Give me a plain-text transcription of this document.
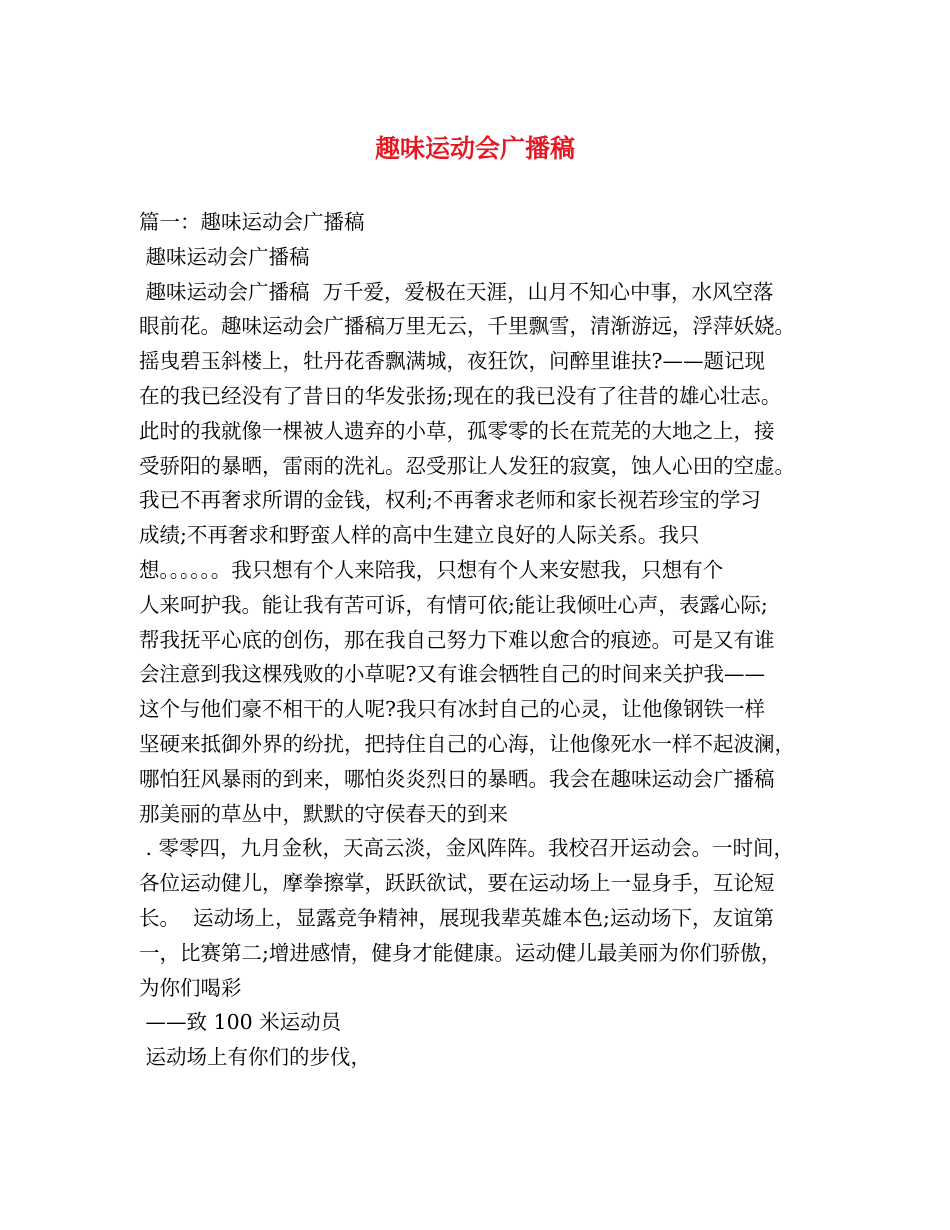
趣味运动会广播稿
篇一：趣味运动会广播稿
趣味运动会广播稿
趣味运动会广播稿  万千爱，爱极在天涯，山月不知心中事，水风空落
眼前花。趣味运动会广播稿万里无云，千里飘雪，清渐游远，浮萍妖娆。
摇曳碧玉斜楼上，牡丹花香飘满城，夜狂饮，问醉里谁扶?——题记现
在的我已经没有了昔日的华发张扬;现在的我已没有了往昔的雄心壮志。
此时的我就像一棵被人遗弃的小草，孤零零的长在荒芜的大地之上，接
受骄阳的暴晒，雷雨的洗礼。忍受那让人发狂的寂寞，蚀人心田的空虚。
我已不再奢求所谓的金钱，权利;不再奢求老师和家长视若珍宝的学习
成绩;不再奢求和野蛮人样的高中生建立良好的人际关系。我只
想。。。。。。我只想有个人来陪我，只想有个人来安慰我，只想有个
人来呵护我。能让我有苦可诉，有情可依;能让我倾吐心声，表露心际;
帮我抚平心底的创伤，那在我自己努力下难以愈合的痕迹。可是又有谁
会注意到我这棵残败的小草呢?又有谁会牺牲自己的时间来关护我——
这个与他们豪不相干的人呢?我只有冰封自己的心灵，让他像钢铁一样
坚硬来抵御外界的纷扰，把持住自己的心海，让他像死水一样不起波澜，
哪怕狂风暴雨的到来，哪怕炎炎烈日的暴晒。我会在趣味运动会广播稿
那美丽的草丛中，默默的守侯春天的到来
. 零零四，九月金秋，天高云淡，金风阵阵。我校召开运动会。一时间，
各位运动健儿，摩拳擦掌，跃跃欲试，要在运动场上一显身手，互论短
长。  运动场上，显露竞争精神，展现我辈英雄本色;运动场下，友谊第
一，比赛第二;增进感情，健身才能健康。运动健儿最美丽为你们骄傲，
为你们喝彩
——致 100 米运动员
运动场上有你们的步伐，
